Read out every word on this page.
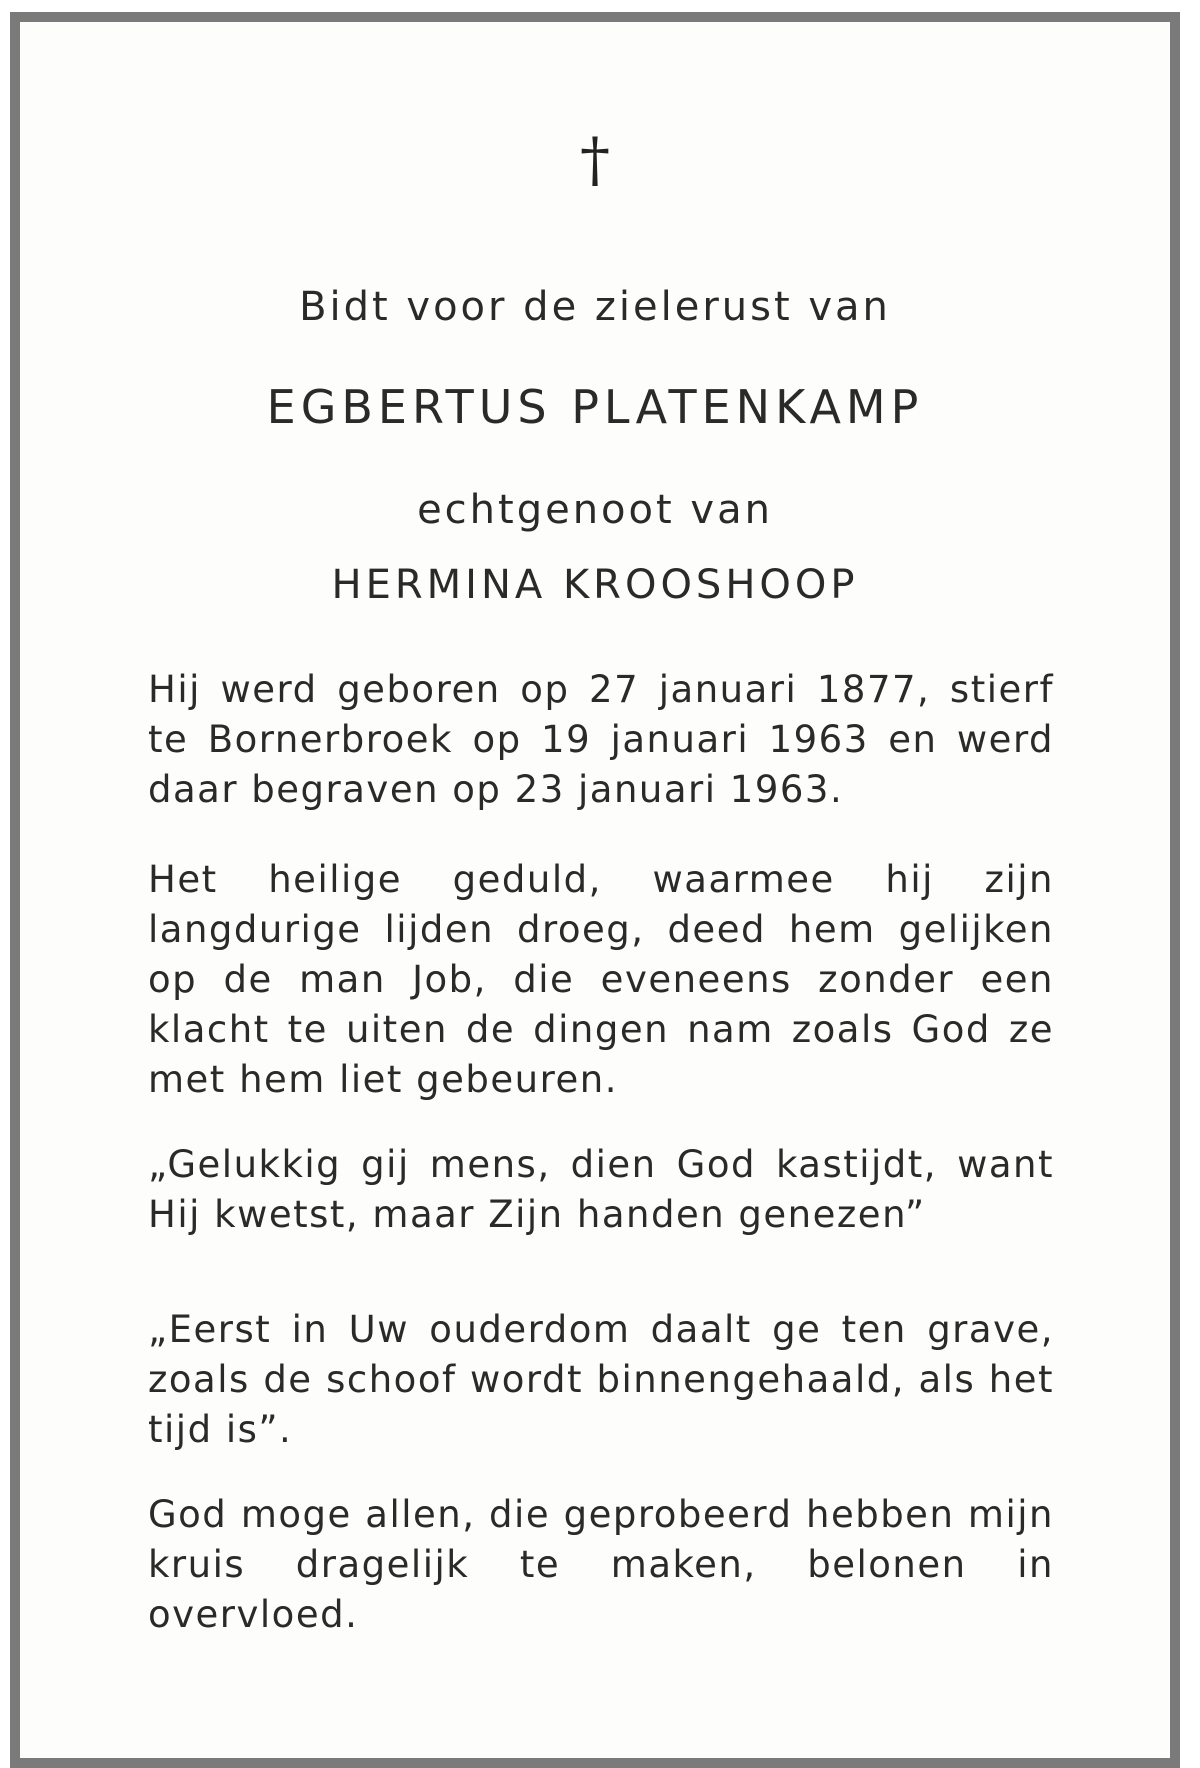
†
Bidt voor de zielerust van
EGBERTUS PLATENKAMP
echtgenoot van
HERMINA KROOSHOOP

Hij werd geboren op 27 januari 1877, stierf te Bornerbroek op 19 januari 1963 en werd daar begraven op 23 januari 1963.

Het heilige geduld, waarmee hij zijn langdurige lijden droeg, deed hem gelijken op de man Job, die eveneens zonder een klacht te uiten de dingen nam zoals God ze met hem liet gebeuren.

„Gelukkig gij mens, dien God kastijdt, want Hij kwetst, maar Zijn handen genezen”

„Eerst in Uw ouderdom daalt ge ten grave, zoals de schoof wordt binnengehaald, als het tijd is”.

God moge allen, die geprobeerd hebben mijn kruis dragelijk te maken, belonen in overvloed.
